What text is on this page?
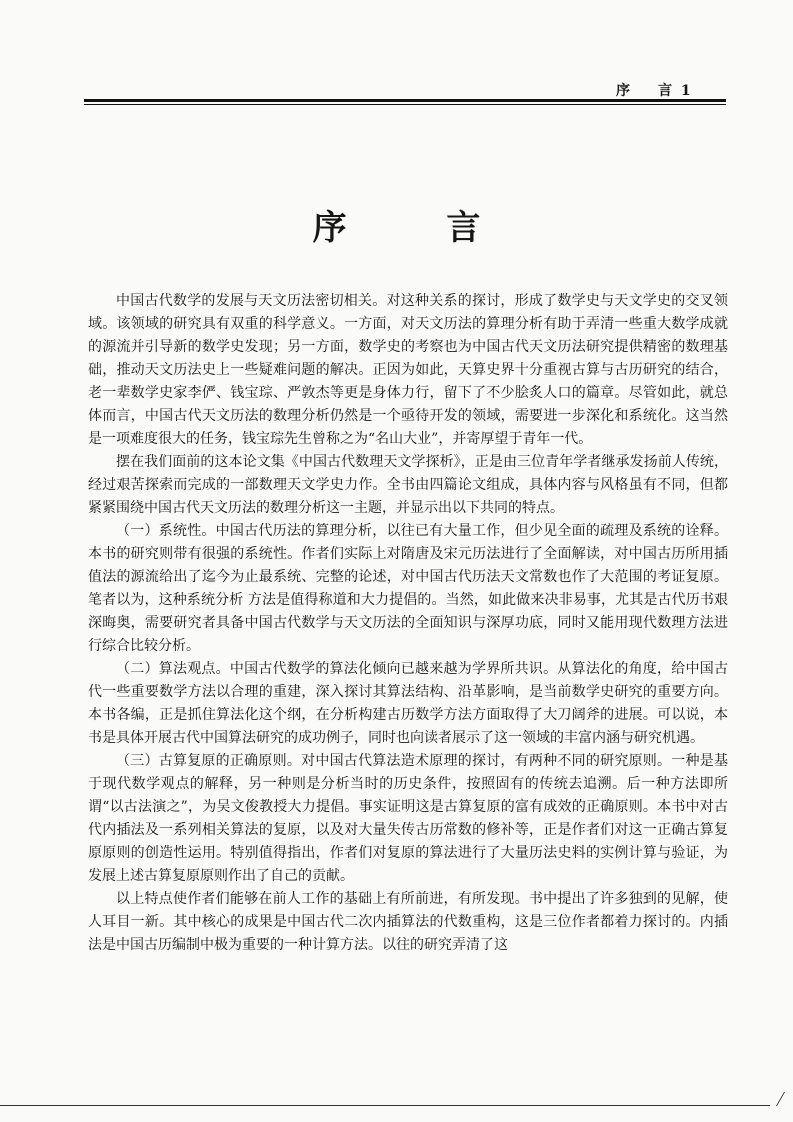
序 言 1
序 言

中国古代数学的发展与天文历法密切相关。对这种关系的探讨，形成了数学史与天文学史的交叉领域。该领域的研究具有双重的科学意义。一方面，对天文历法的算理分析有助于弄清一些重大数学成就的源流并引导新的数学史发现；另一方面，数学史的考察也为中国古代天文历法研究提供精密的数理基础，推动天文历法史上一些疑难问题的解决。正因为如此，天算史界十分重视古算与古历研究的结合，老一辈数学史家李俨、钱宝琮、严敦杰等更是身体力行，留下了不少脍炙人口的篇章。尽管如此，就总体而言，中国古代天文历法的数理分析仍然是一个亟待开发的领域，需要进一步深化和系统化。这当然是一项难度很大的任务，钱宝琮先生曾称之为“名山大业”，并寄厚望于青年一代。

摆在我们面前的这本论文集《中国古代数理天文学探析》，正是由三位青年学者继承发扬前人传统，经过艰苦探索而完成的一部数理天文学史力作。全书由四篇论文组成，具体内容与风格虽有不同，但都紧紧围绕中国古代天文历法的数理分析这一主题，并显示出以下共同的特点。

（一）系统性。中国古代历法的算理分析，以往已有大量工作，但少见全面的疏理及系统的诠释。本书的研究则带有很强的系统性。作者们实际上对隋唐及宋元历法进行了全面解读，对中国古历所用插值法的源流给出了迄今为止最系统、完整的论述，对中国古代历法天文常数也作了大范围的考证复原。笔者以为，这种系统分析 方法是值得称道和大力提倡的。当然，如此做来决非易事，尤其是古代历书艰深晦奥，需要研究者具备中国古代数学与天文历法的全面知识与深厚功底，同时又能用现代数理方法进行综合比较分析。

（二）算法观点。中国古代数学的算法化倾向已越来越为学界所共识。从算法化的角度，给中国古代一些重要数学方法以合理的重建，深入探讨其算法结构、沿革影响，是当前数学史研究的重要方向。本书各编，正是抓住算法化这个纲，在分析构建古历数学方法方面取得了大刀阔斧的进展。可以说，本书是具体开展古代中国算法研究的成功例子，同时也向读者展示了这一领域的丰富内涵与研究机遇。

（三）古算复原的正确原则。对中国古代算法造术原理的探讨，有两种不同的研究原则。一种是基于现代数学观点的解释，另一种则是分析当时的历史条件，按照固有的传统去追溯。后一种方法即所谓“以古法演之”，为吴文俊教授大力提倡。事实证明这是古算复原的富有成效的正确原则。本书中对古代内插法及一系列相关算法的复原，以及对大量失传古历常数的修补等，正是作者们对这一正确古算复原原则的创造性运用。特别值得指出，作者们对复原的算法进行了大量历法史料的实例计算与验证，为发展上述古算复原原则作出了自己的贡献。

以上特点使作者们能够在前人工作的基础上有所前进，有所发现。书中提出了许多独到的见解，使人耳目一新。其中核心的成果是中国古代二次内插算法的代数重构，这是三位作者都着力探讨的。内插法是中国古历编制中极为重要的一种计算方法。以往的研究弄清了这
